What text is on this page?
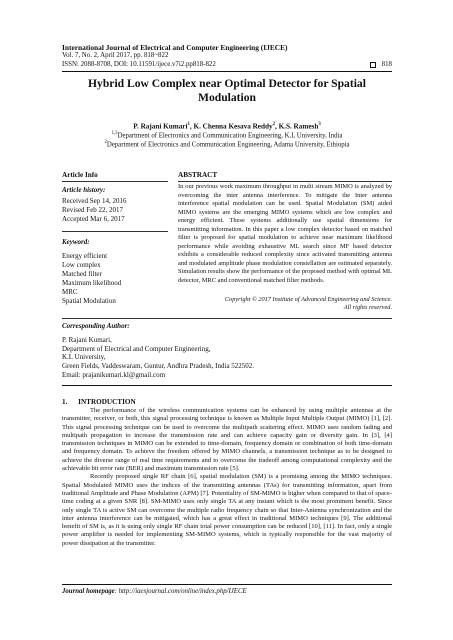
International Journal of Electrical and Computer Engineering (IJECE)
Vol. 7, No. 2, April 2017, pp. 818~822
ISSN: 2088-8708, DOI: 10.11591/ijece.v7i2.pp818-822	818
Hybrid Low Complex near Optimal Detector for Spatial Modulation
P. Rajani Kumari$^1$, K. Chenna Kesava Reddy$^2$, K.S. Ramesh$^3$
$^{1,3}$Department of Electronics and Communication Engineering, K.L University, India
$^2$Department of Electronics and Communication Engineering, Adama University, Ethiopia
Article Info	ABSTRACT
Article history:
Received Sep 14, 2016
Revised Feb 22, 2017
Accepted Mar 6, 2017
Keyword:
Energy efficient
Low complex
Matched filter
Maximum likelihood
MRC
Spatial Modulation
In our previous work maximum throughput in multi stream MIMO is analyzed by overcoming the inter antenna interference. To mitigate the Inter antenna interference spatial modulation can be used. Spatial Modulation (SM) aided MIMO systems are the emerging MIMO systems which are low complex and energy efficient. These systems additionally use spatial dimensions for transmitting information. In this paper a low complex detector based on matched filter is proposed for spatial modulation to achieve near maximum likelihood performance while avoiding exhaustive ML search since MF based detector exhibits a considerable reduced complexity since activated transmitting antenna and modulated amplitude phase modulation constellation are estimated separately. Simulation results show the performance of the proposed method with optimal ML detector, MRC and conventional matched filter methods.
Copyright © 2017 Institute of Advanced Engineering and Science.
All rights reserved.
Corresponding Author:
P. Rajani Kumari,
Department of Electrical and Computer Engineering,
K.L University,
Green Fields, Vaddeswaram, Guntur, Andhra Pradesh, India 522502.
Email: prajanikumari.kl@gmail.com
1.      INTRODUCTION

The performance of the wireless communication systems can be enhanced by using multiple antennas at the transmitter, receiver, or both, this signal processing technique is known as Multiple Input Multiple Output (MIMO) [1], [2]. This signal processing technique can be used to overcome the multipath scattering effect. MIMO uses random fading and multipath propagation to increase the transmission rate and can achieve capacity gain or diversity gain. In [3], [4] transmission techniques in MIMO can be extended to time-domain, frequency domain or combination of both time-domain and frequency domain. To achieve the freedom offered by MIMO channels, a transmission technique as to be designed to achieve the diverse range of real time requirements and to overcome the tradeoff among computational complexity and the achievable bit error rate (BER) and maximum transmission rate [5].

Recently proposed single RF chain [6], spatial modulation (SM) is a promising among the MIMO techniques. Spatial Modulated MIMO uses the indices of the transmitting antennas (TAs) for transmitting information, apart from traditional Amplitude and Phase Modulation (APM) [7]. Potentiality of SM-MIMO is higher when compared to that of space-time coding at a given SNR [8]. SM-MIMO uses only single TA at any instant which is the most prominent benefit. Since only single TA is active SM can overcome the multiple radio frequency chain so that Inter-Antenna synchronization and the inter antenna interference can be mitigated, which has a great effect in traditional MIMO techniques [9]. The additional benefit of SM is, as it is using only single RF chain total power consumption can be reduced [10], [11]. In fact, only a single power amplifier is needed for implementing SM-MIMO systems, which is typically responsible for the vast majority of power dissipation at the transmitter.

Journal homepage: http://iaesjournal.com/online/index.php/IJECE
